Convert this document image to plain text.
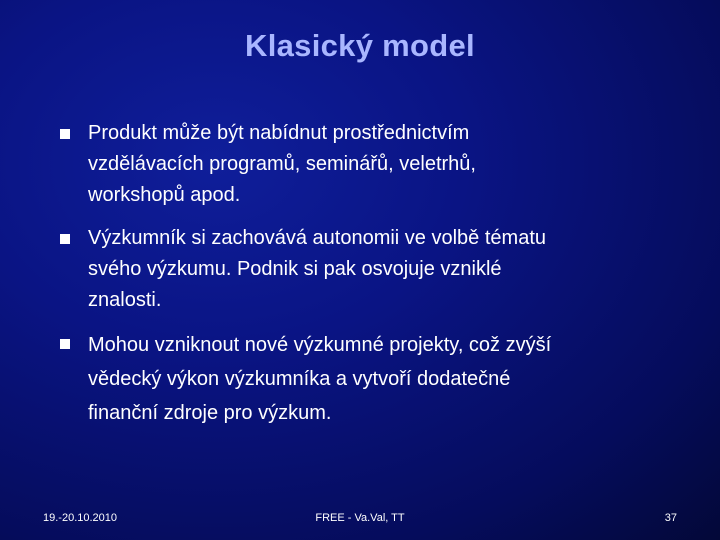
Klasický model
Produkt může být nabídnut prostřednictvím
vzdělávacích programů, seminářů, veletrhů,
workshopů apod.
Výzkumník si zachovává autonomii ve volbě tématu
svého výzkumu. Podnik si pak osvojuje vzniklé
znalosti.
Mohou vzniknout nové výzkumné projekty, což zvýší
vědecký výkon výzkumníka a vytvoří dodatečné
finanční zdroje pro výzkum.
19.-20.10.2010	FREE - Va.Val, TT	37
